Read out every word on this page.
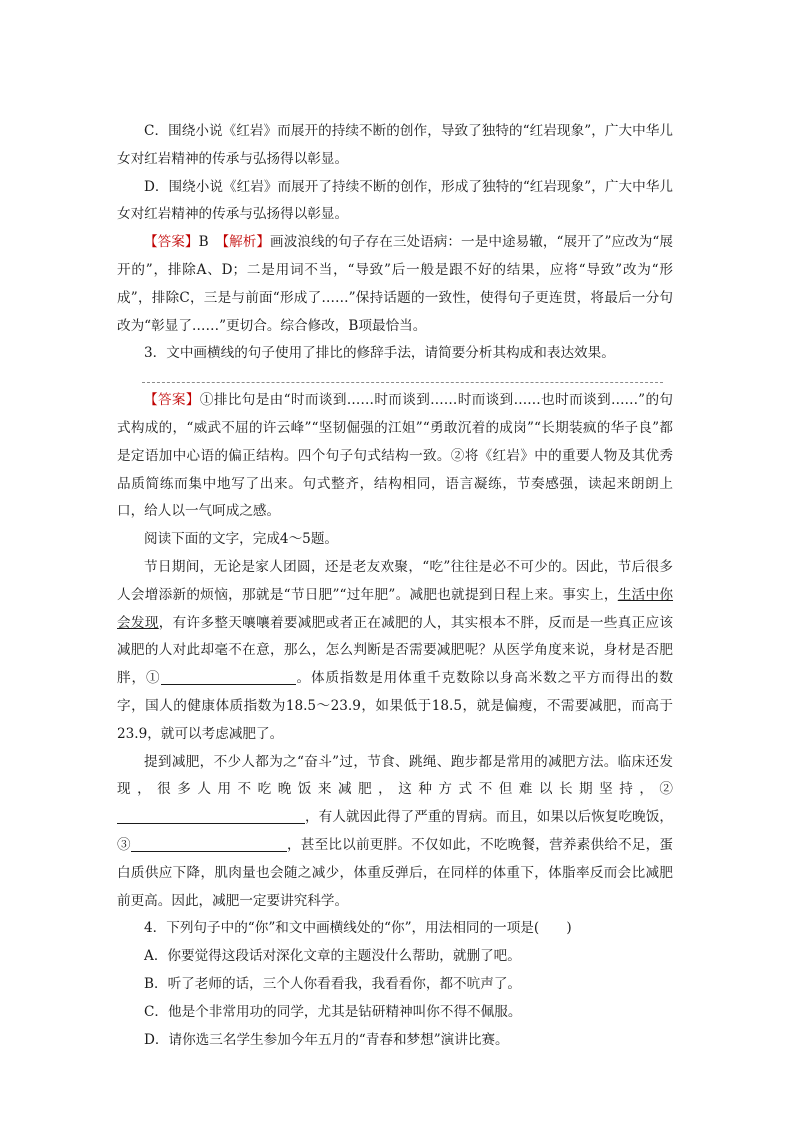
C．围绕小说《红岩》而展开的持续不断的创作，导致了独特的“红岩现象”，广大中华儿女对红岩精神的传承与弘扬得以彰显。

D．围绕小说《红岩》而展开了持续不断的创作，形成了独特的“红岩现象”，广大中华儿女对红岩精神的传承与弘扬得以彰显。

【答案】B　【解析】画波浪线的句子存在三处语病：一是中途易辙，“展开了”应改为“展开的”，排除A、D；二是用词不当，“导致”后一般是跟不好的结果，应将“导致”改为“形成”，排除C，三是与前面“形成了……”保持话题的一致性，使得句子更连贯，将最后一分句改为“彰显了……”更切合。综合修改，B项最恰当。

3．文中画横线的句子使用了排比的修辞手法，请简要分析其构成和表达效果。

【答案】①排比句是由“时而谈到……时而谈到……时而谈到……也时而谈到……”的句式构成的，“威武不屈的许云峰”“坚韧倔强的江姐”“勇敢沉着的成岗”“长期装疯的华子良”都是定语加中心语的偏正结构。四个句子句式结构一致。②将《红岩》中的重要人物及其优秀品质简练而集中地写了出来。句式整齐，结构相同，语言凝练，节奏感强，读起来朗朗上口，给人以一气呵成之感。

阅读下面的文字，完成4～5题。

节日期间，无论是家人团圆，还是老友欢聚，“吃”往往是必不可少的。因此，节后很多人会增添新的烦恼，那就是“节日肥”“过年肥”。减肥也就提到日程上来。事实上，生活中你会发现，有许多整天嚷嚷着要减肥或者正在减肥的人，其实根本不胖，反而是一些真正应该减肥的人对此却毫不在意，那么，怎么判断是否需要减肥呢？从医学角度来说，身材是否肥胖，①	。体质指数是用体重千克数除以身高米数之平方而得出的数字，国人的健康体质指数为18.5～23.9，如果低于18.5，就是偏瘦，不需要减肥，而高于23.9，就可以考虑减肥了。

提到减肥，不少人都为之“奋斗”过，节食、跳绳、跑步都是常用的减肥方法。临床还发现，很多人用不吃晚饭来减肥，这种方式不但难以长期坚持，②，有人就因此得了严重的胃病。而且，如果以后恢复吃晚饭，③	，甚至比以前更胖。不仅如此，不吃晚餐，营养素供给不足，蛋白质供应下降，肌肉量也会随之减少，体重反弹后，在同样的体重下，体脂率反而会比减肥前更高。因此，减肥一定要讲究科学。

4．下列句子中的“你”和文中画横线处的“你”，用法相同的一项是(　　)

A．你要觉得这段话对深化文章的主题没什么帮助，就删了吧。

B．听了老师的话，三个人你看看我，我看看你，都不吭声了。

C．他是个非常用功的同学，尤其是钻研精神叫你不得不佩服。

D．请你选三名学生参加今年五月的“青春和梦想”演讲比赛。
